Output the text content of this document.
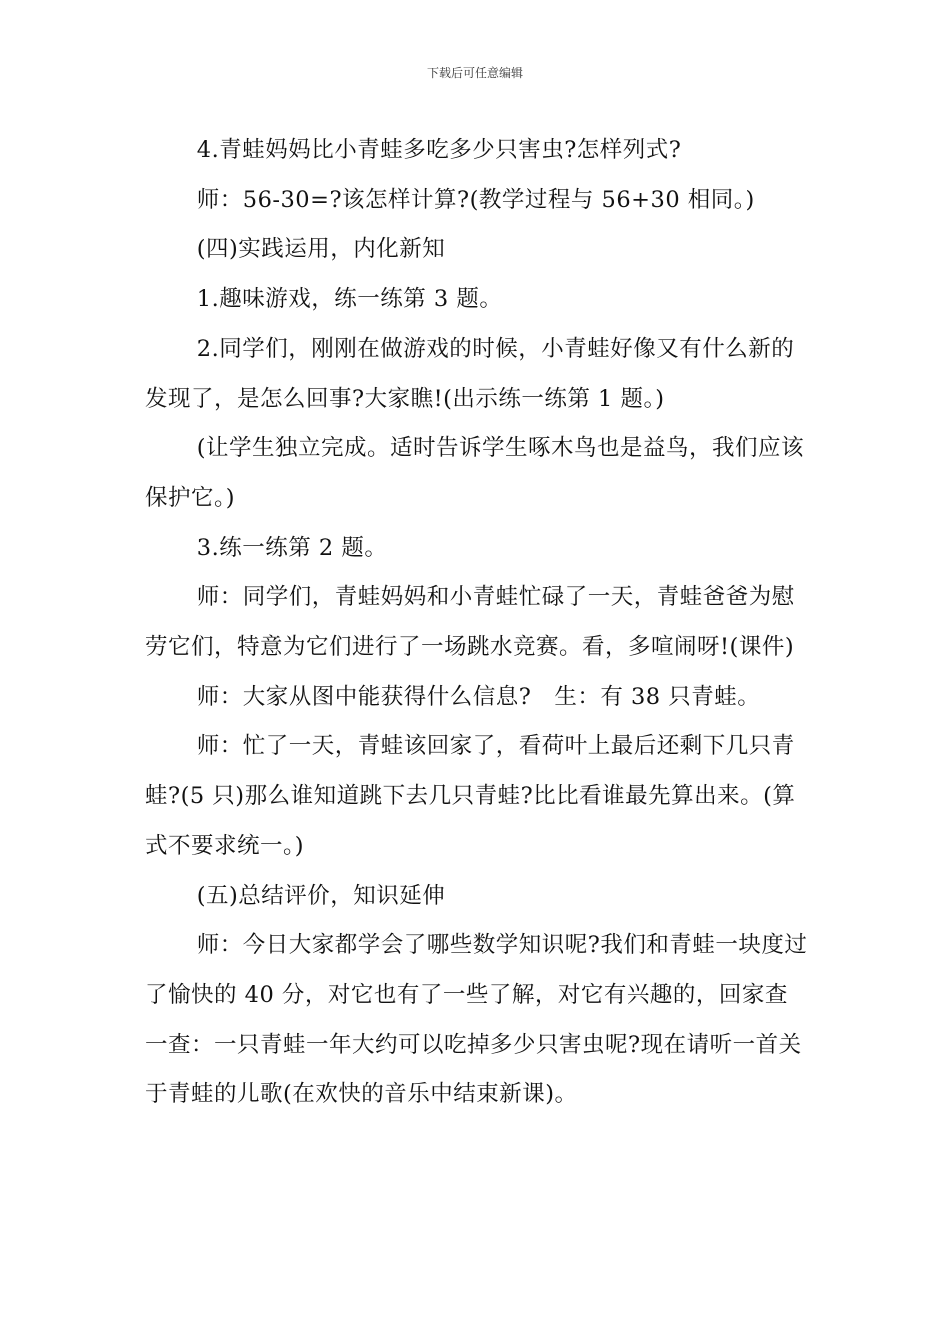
下载后可任意编辑

4.青蛙妈妈比小青蛙多吃多少只害虫?怎样列式?

师：56-30=?该怎样计算?(教学过程与 56+30 相同。)

(四)实践运用，内化新知

1.趣味游戏，练一练第 3 题。

2.同学们，刚刚在做游戏的时候，小青蛙好像又有什么新的发现了，是怎么回事?大家瞧!(出示练一练第 1 题。)

(让学生独立完成。适时告诉学生啄木鸟也是益鸟，我们应该保护它。)

3.练一练第 2 题。

师：同学们，青蛙妈妈和小青蛙忙碌了一天，青蛙爸爸为慰劳它们，特意为它们进行了一场跳水竞赛。看，多喧闹呀!(课件)

师：大家从图中能获得什么信息?　生：有 38 只青蛙。

师：忙了一天，青蛙该回家了，看荷叶上最后还剩下几只青蛙?(5 只)那么谁知道跳下去几只青蛙?比比看谁最先算出来。(算式不要求统一。)

(五)总结评价，知识延伸

师：今日大家都学会了哪些数学知识呢?我们和青蛙一块度过了愉快的 40 分，对它也有了一些了解，对它有兴趣的，回家查一查：一只青蛙一年大约可以吃掉多少只害虫呢?现在请听一首关于青蛙的儿歌(在欢快的音乐中结束新课)。
